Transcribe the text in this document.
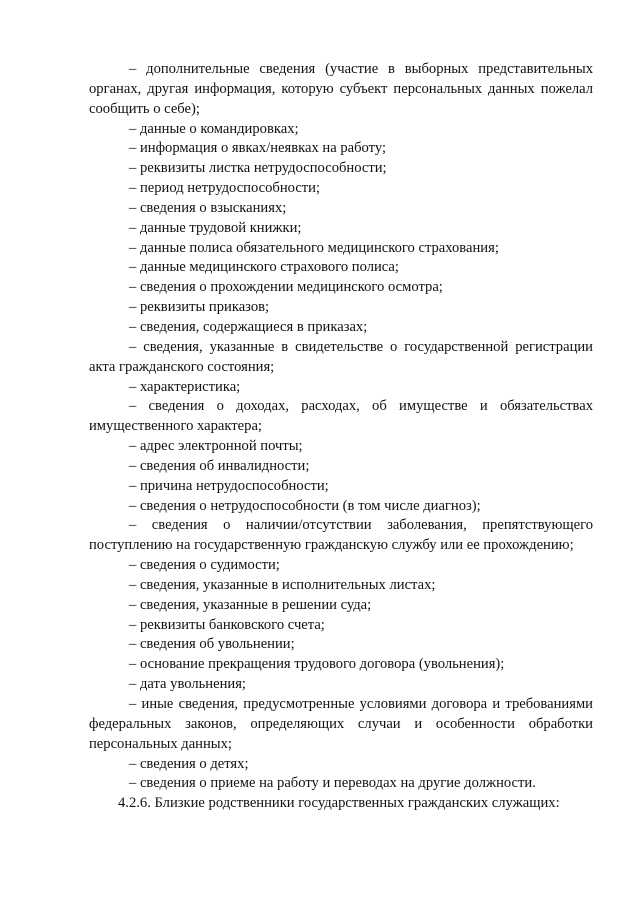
– дополнительные сведения (участие в выборных представительных органах, другая информация, которую субъект персональных данных пожелал сообщить о себе);

– данные о командировках;

– информация о явках/неявках на работу;

– реквизиты листка нетрудоспособности;

– период нетрудоспособности;

– сведения о взысканиях;

– данные трудовой книжки;

– данные полиса обязательного медицинского страхования;

– данные медицинского страхового полиса;

– сведения о прохождении медицинского осмотра;

– реквизиты приказов;

– сведения, содержащиеся в приказах;

– сведения, указанные в свидетельстве о государственной регистрации акта гражданского состояния;

– характеристика;

– сведения о доходах, расходах, об имуществе и обязательствах имущественного характера;

– адрес электронной почты;

– сведения об инвалидности;

– причина нетрудоспособности;

– сведения о нетрудоспособности (в том числе диагноз);

– сведения о наличии/отсутствии заболевания, препятствующего поступлению на государственную гражданскую службу или ее прохождению;

– сведения о судимости;

– сведения, указанные в исполнительных листах;

– сведения, указанные в решении суда;

– реквизиты банковского счета;

– сведения об увольнении;

– основание прекращения трудового договора (увольнения);

– дата увольнения;

– иные сведения, предусмотренные условиями договора и требованиями федеральных законов, определяющих случаи и особенности обработки персональных данных;

– сведения о детях;

– сведения о приеме на работу и переводах на другие должности.

4.2.6. Близкие родственники государственных гражданских служащих:
